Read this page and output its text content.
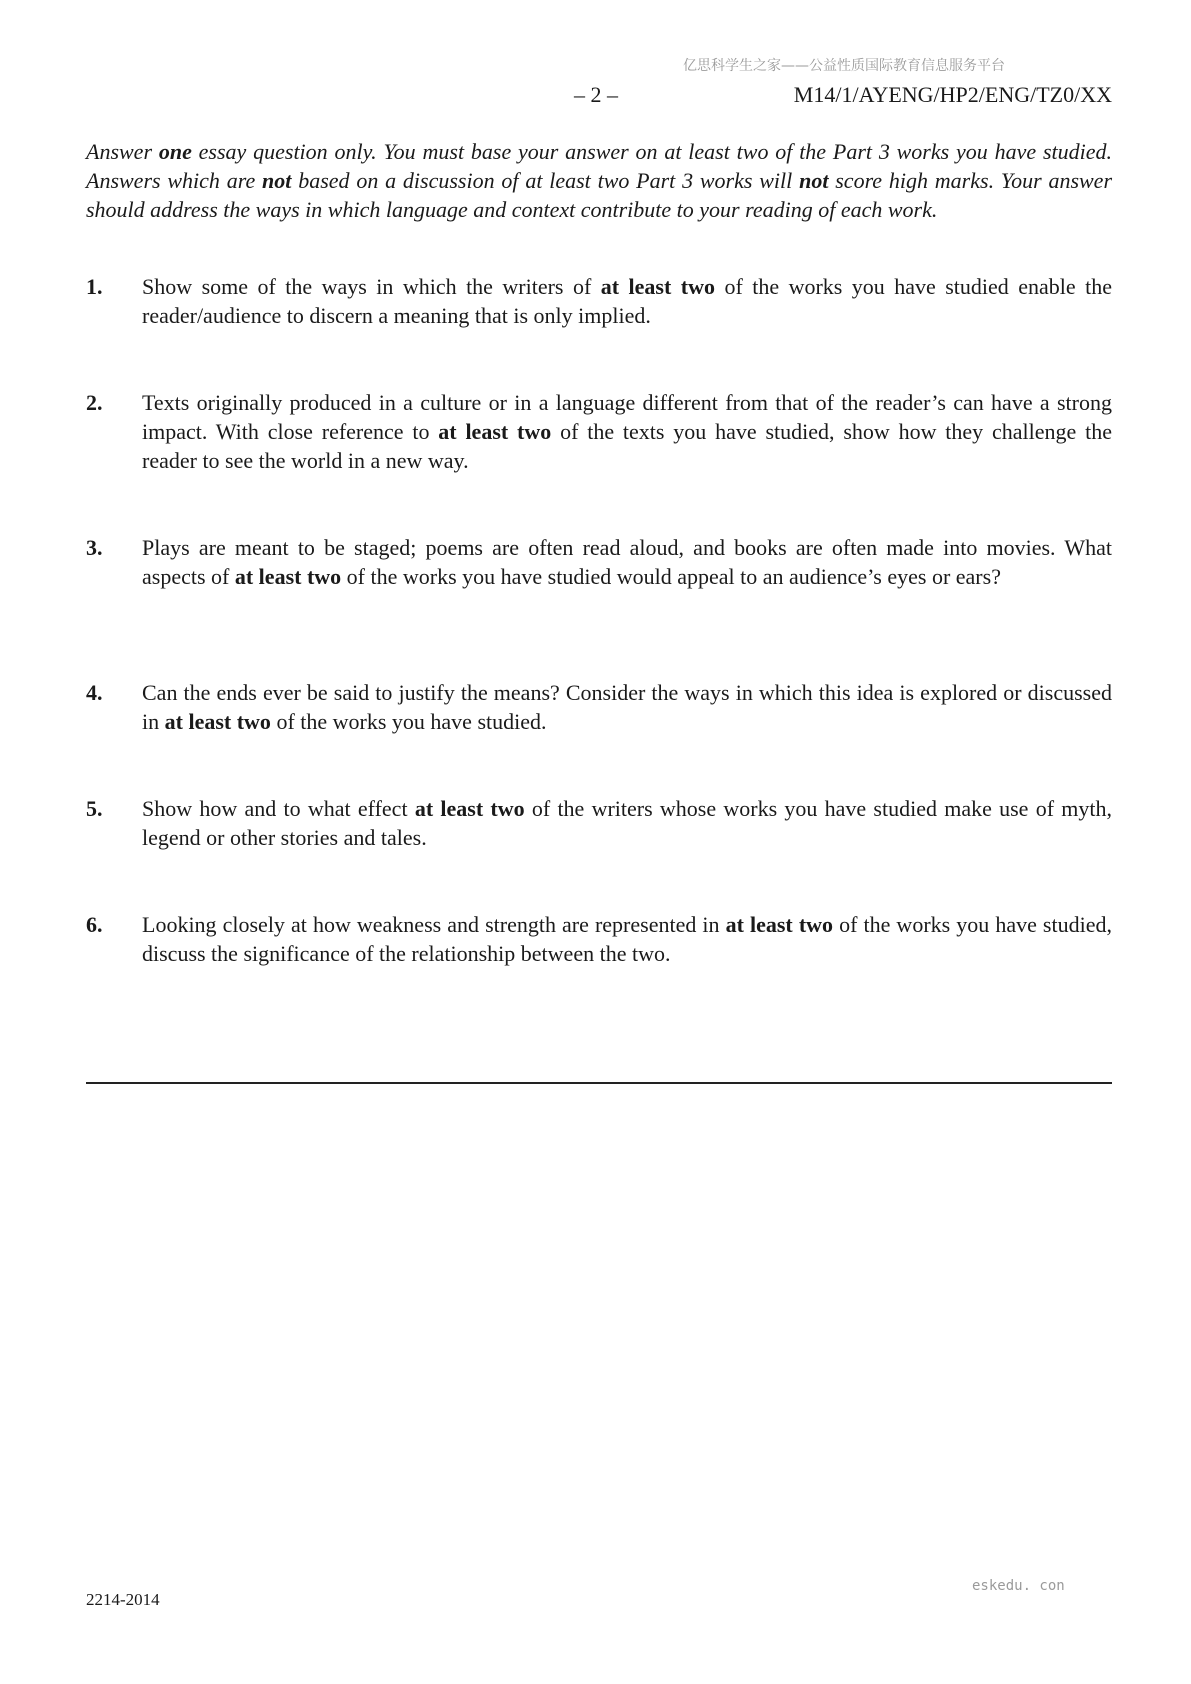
亿思科学生之家——公益性质国际教育信息服务平台
– 2 –	M14/1/AYENG/HP2/ENG/TZ0/XX

Answer one essay question only. You must base your answer on at least two of the Part 3 works you have studied. Answers which are not based on a discussion of at least two Part 3 works will not score high marks. Your answer should address the ways in which language and context contribute to your reading of each work.

1. Show some of the ways in which the writers of at least two of the works you have studied enable the reader/audience to discern a meaning that is only implied.
2. Texts originally produced in a culture or in a language different from that of the reader’s can have a strong impact. With close reference to at least two of the texts you have studied, show how they challenge the reader to see the world in a new way.
3. Plays are meant to be staged; poems are often read aloud, and books are often made into movies. What aspects of at least two of the works you have studied would appeal to an audience’s eyes or ears?
4. Can the ends ever be said to justify the means? Consider the ways in which this idea is explored or discussed in at least two of the works you have studied.
5. Show how and to what effect at least two of the writers whose works you have studied make use of myth, legend or other stories and tales.
6. Looking closely at how weakness and strength are represented in at least two of the works you have studied, discuss the significance of the relationship between the two.
2214-2014
eskedu. con
